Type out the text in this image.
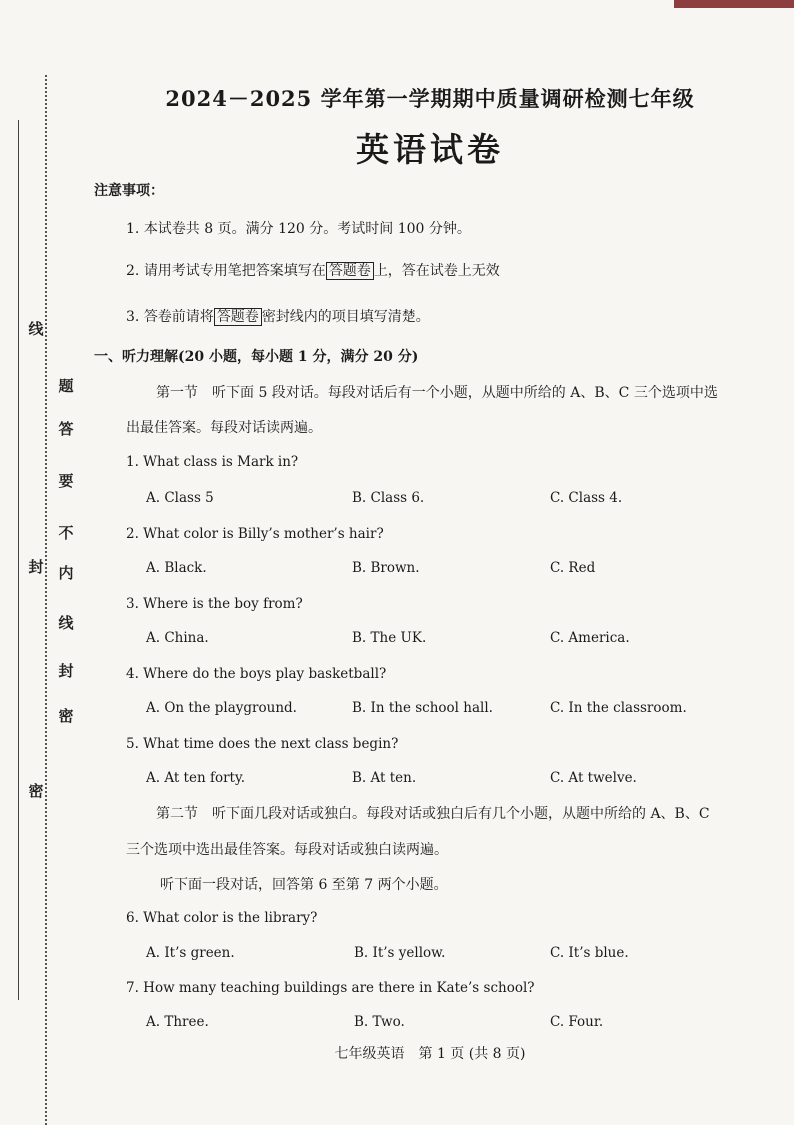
线
封
密
题
答
要
不
内
线
封
密
2024－2025 学年第一学期期中质量调研检测七年级
英语试卷
注意事项：
1. 本试卷共 8 页。满分 120 分。考试时间 100 分钟。
2. 请用考试专用笔把答案填写在 答题卷 上，答在试卷上无效
3. 答卷前请将 答题卷 密封线内的项目填写清楚。
一、听力理解(20 小题，每小题 1 分，满分 20 分)
第一节　听下面 5 段对话。每段对话后有一个小题，从题中所给的 A、B、C 三个选项中选
出最佳答案。每段对话读两遍。
1. What class is Mark in?
A. Class 5	B. Class 6.	C. Class 4.
2. What color is Billy’s mother’s hair?
A. Black.	B. Brown.	C. Red
3. Where is the boy from?
A. China.	B. The UK.	C. America.
4. Where do the boys play basketball?
A. On the playground.	B. In the school hall.	C. In the classroom.
5. What time does the next class begin?
A. At ten forty.	B. At ten.	C. At twelve.
第二节　听下面几段对话或独白。每段对话或独白后有几个小题，从题中所给的 A、B、C
三个选项中选出最佳答案。每段对话或独白读两遍。
听下面一段对话，回答第 6 至第 7 两个小题。
6. What color is the library?
A. It’s green.	B. It’s yellow.	C. It’s blue.
7. How many teaching buildings are there in Kate’s school?
A. Three.	B. Two.	C. Four.
七年级英语　第 1 页 (共 8 页)
